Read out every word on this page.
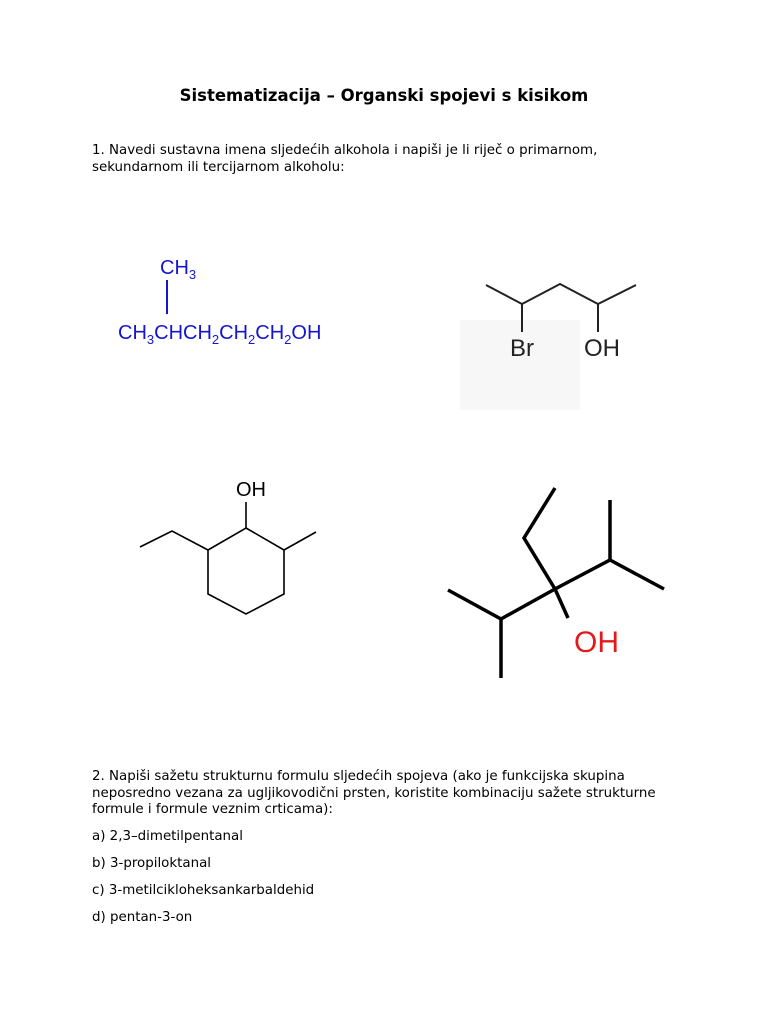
Sistematizacija – Organski spojevi s kisikom
1. Navedi sustavna imena sljedećih alkohola i napiši je li riječ o primarnom, sekundarnom ili tercijarnom alkoholu:
$CH_3$
$CH_3CHCH_2CH_2CH_2OH$
Br OH
OH
OH
2. Napiši sažetu strukturnu formulu sljedećih spojeva (ako je funkcijska skupina neposredno vezana za ugljikovodični prsten, koristite kombinaciju sažete strukturne formule i formule veznim crticama):
a) 2,3–dimetilpentanal
b) 3-propiloktanal
c) 3-metilcikloheksankarbaldehid
d) pentan-3-on
